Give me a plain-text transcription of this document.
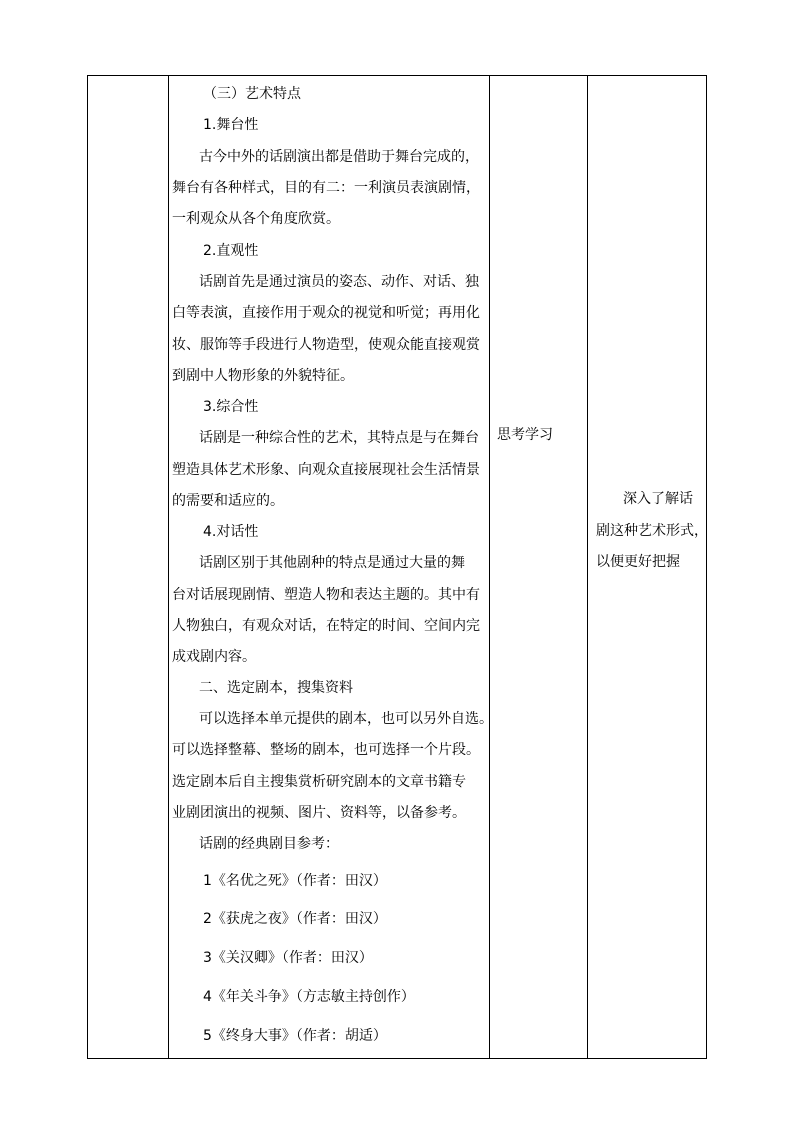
（三）艺术特点
1.舞台性
古今中外的话剧演出都是借助于舞台完成的，
舞台有各种样式，目的有二：一利演员表演剧情，
一利观众从各个角度欣赏。
2.直观性
话剧首先是通过演员的姿态、动作、对话、独
白等表演，直接作用于观众的视觉和听觉；再用化
妆、服饰等手段进行人物造型，使观众能直接观赏
到剧中人物形象的外貌特征。
3.综合性
话剧是一种综合性的艺术，其特点是与在舞台
塑造具体艺术形象、向观众直接展现社会生活情景
的需要和适应的。
4.对话性
话剧区别于其他剧种的特点是通过大量的舞
台对话展现剧情、塑造人物和表达主题的。其中有
人物独白，有观众对话，在特定的时间、空间内完
成戏剧内容。
二、选定剧本，搜集资料
可以选择本单元提供的剧本，也可以另外自选。
可以选择整幕、整场的剧本，也可选择一个片段。
选定剧本后自主搜集赏析研究剧本的文章书籍专
业剧团演出的视频、图片、资料等，以备参考。
话剧的经典剧目参考：
1《名优之死》（作者：田汉）
2《获虎之夜》（作者：田汉）
3《关汉卿》（作者：田汉）
4《年关斗争》（方志敏主持创作）
5《终身大事》（作者：胡适）
思考学习
深入了解话
剧这种艺术形式，
以便更好把握
